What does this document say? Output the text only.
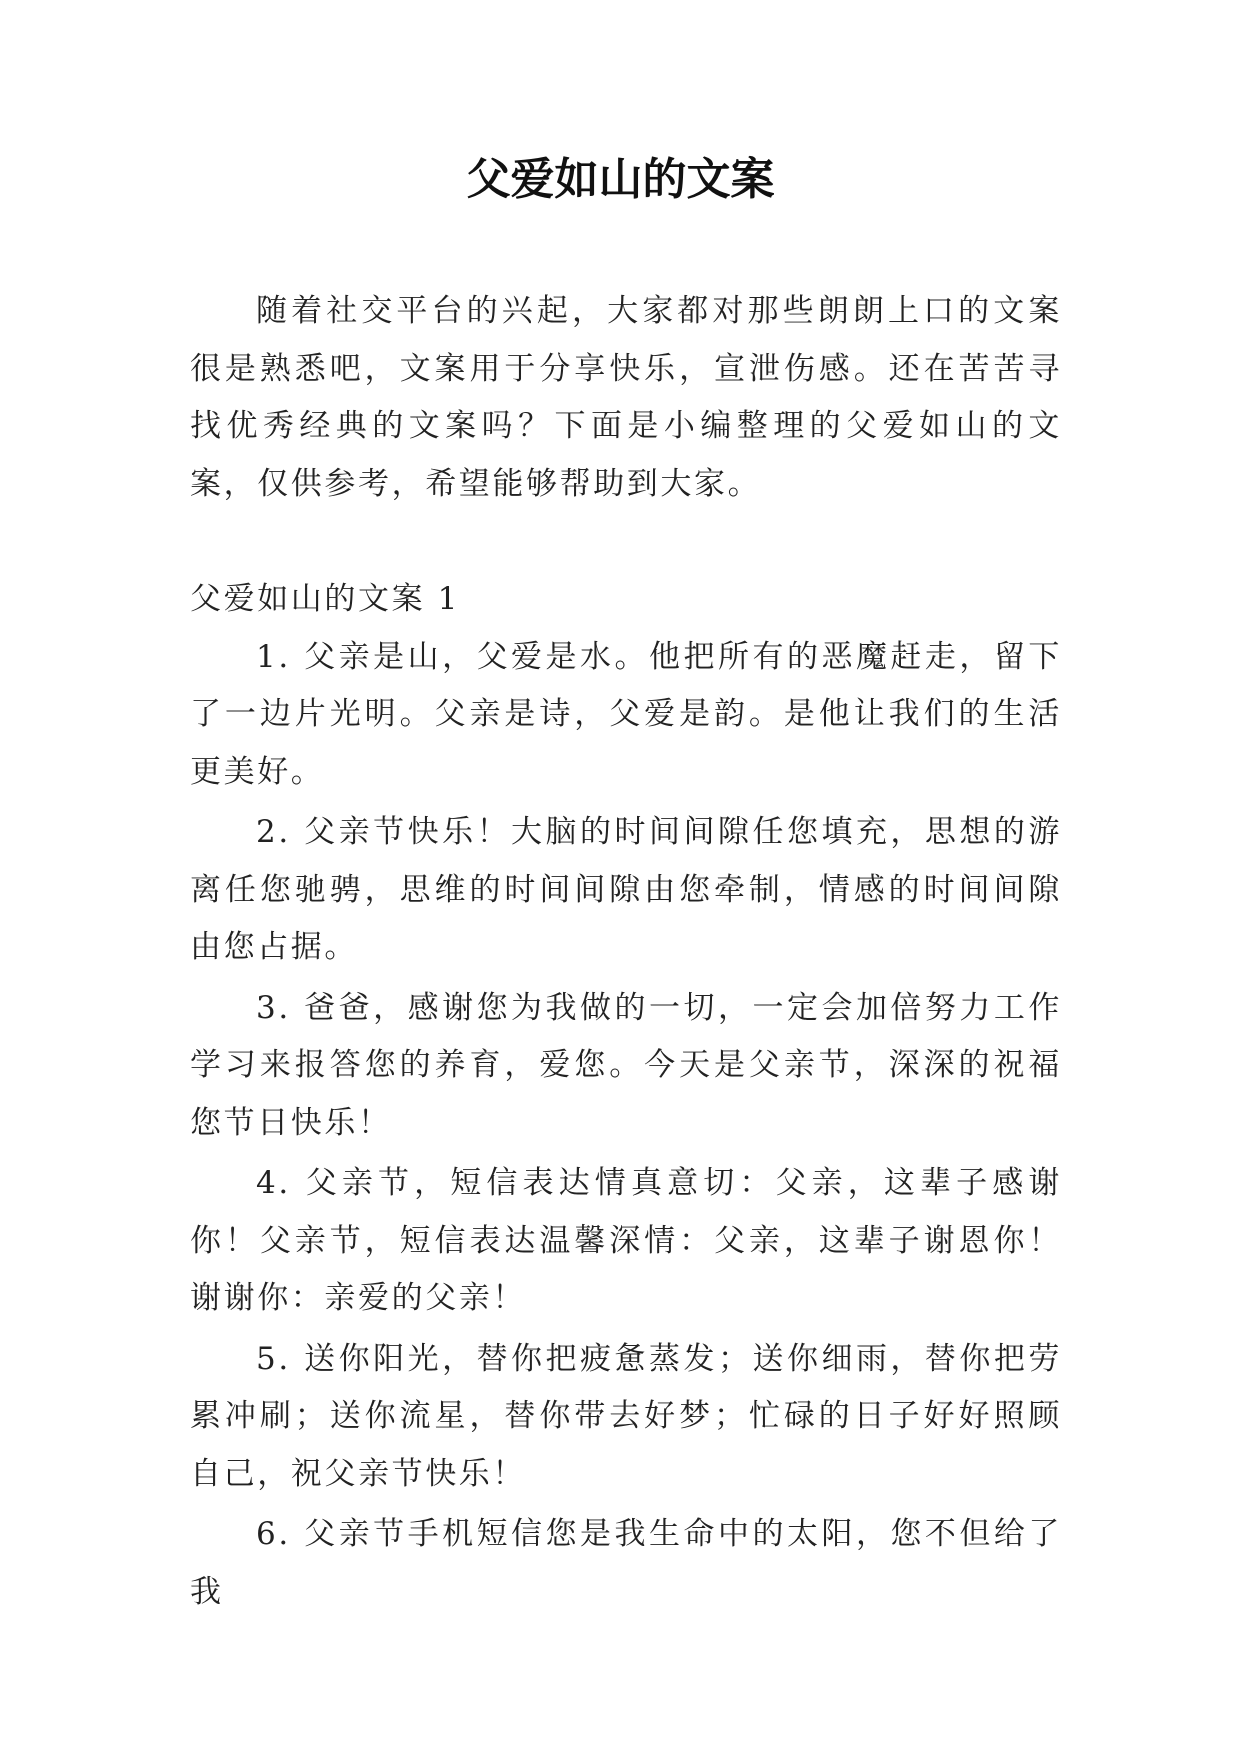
父爱如山的文案

随着社交平台的兴起，大家都对那些朗朗上口的文案很是熟悉吧，文案用于分享快乐，宣泄伤感。还在苦苦寻找优秀经典的文案吗？下面是小编整理的父爱如山的文案，仅供参考，希望能够帮助到大家。

父爱如山的文案 1

1. 父亲是山，父爱是水。他把所有的恶魔赶走，留下了一边片光明。父亲是诗，父爱是韵。是他让我们的生活更美好。

2. 父亲节快乐！大脑的时间间隙任您填充，思想的游离任您驰骋，思维的时间间隙由您牵制，情感的时间间隙由您占据。

3. 爸爸，感谢您为我做的一切，一定会加倍努力工作学习来报答您的养育，爱您。今天是父亲节，深深的祝福您节日快乐！

4. 父亲节，短信表达情真意切：父亲，这辈子感谢你！父亲节，短信表达温馨深情：父亲，这辈子谢恩你！谢谢你：亲爱的父亲！

5. 送你阳光，替你把疲惫蒸发；送你细雨，替你把劳累冲刷；送你流星，替你带去好梦；忙碌的日子好好照顾自己，祝父亲节快乐！

6. 父亲节手机短信您是我生命中的太阳，您不但给了我
